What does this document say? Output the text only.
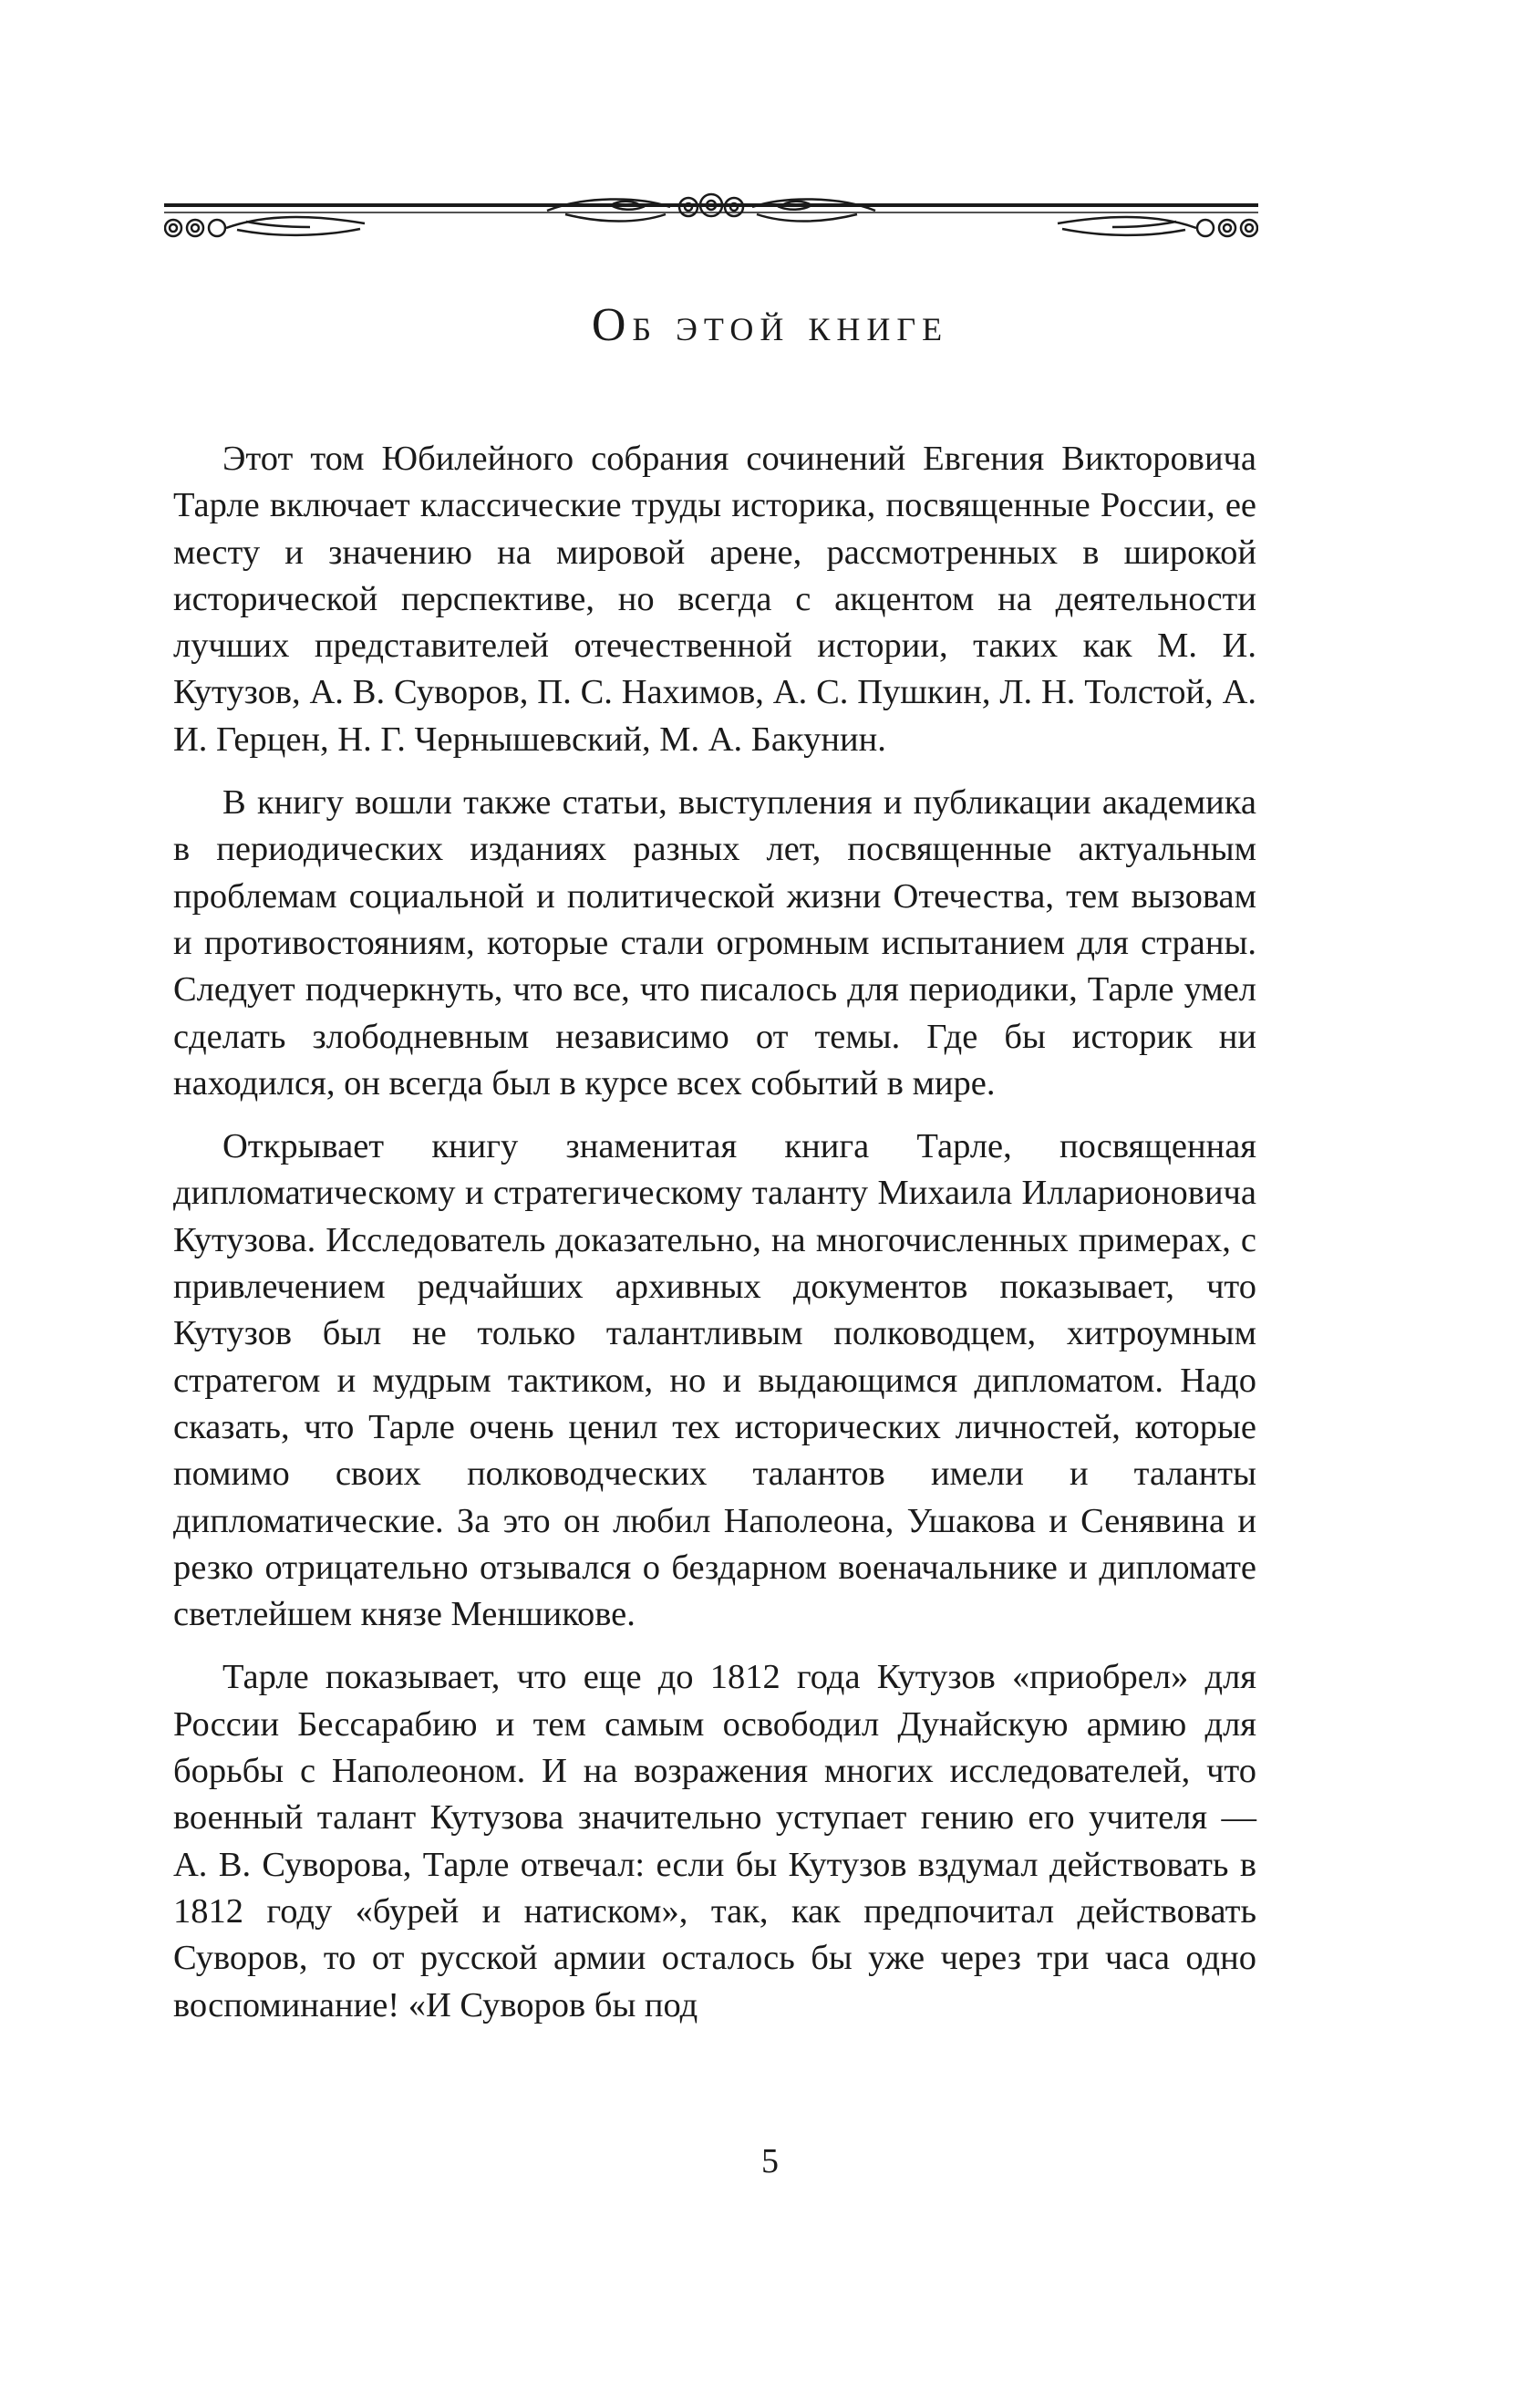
Об этой книге

Этот том Юбилейного собрания сочинений Евгения Викторовича Тарле включает классические труды историка, посвященные России, ее месту и значению на мировой арене, рассмотренных в широкой исторической перспективе, но всегда с акцентом на деятельности лучших представителей отечественной истории, таких как М. И. Кутузов, А. В. Суворов, П. С. Нахимов, А. С. Пушкин, Л. Н. Толстой, А. И. Герцен, Н. Г. Чернышевский, М. А. Бакунин.

В книгу вошли также статьи, выступления и публикации академика в периодических изданиях разных лет, посвященные актуальным проблемам социальной и политической жизни Отечества, тем вызовам и противостояниям, которые стали огромным испытанием для страны. Следует подчеркнуть, что все, что писалось для периодики, Тарле умел сделать злободневным независимо от темы. Где бы историк ни находился, он всегда был в курсе всех событий в мире.

Открывает книгу знаменитая книга Тарле, посвященная дипломатическому и стратегическому таланту Михаила Илларионовича Кутузова. Исследователь доказательно, на многочисленных примерах, с привлечением редчайших архивных документов показывает, что Кутузов был не только талантливым полководцем, хитроумным стратегом и мудрым тактиком, но и выдающимся дипломатом. Надо сказать, что Тарле очень ценил тех исторических личностей, которые помимо своих полководческих талантов имели и таланты дипломатические. За это он любил Наполеона, Ушакова и Сенявина и резко отрицательно отзывался о бездарном военачальнике и дипломате светлейшем князе Меншикове.

Тарле показывает, что еще до 1812 года Кутузов «приобрел» для России Бессарабию и тем самым освободил Дунайскую армию для борьбы с Наполеоном. И на возражения многих исследователей, что военный талант Кутузова значительно уступает гению его учителя — А. В. Суворова, Тарле отвечал: если бы Кутузов вздумал действовать в 1812 году «бурей и натиском», так, как предпочитал действовать Суворов, то от русской армии осталось бы уже через три часа одно воспоминание! «И Суворов бы под

5
